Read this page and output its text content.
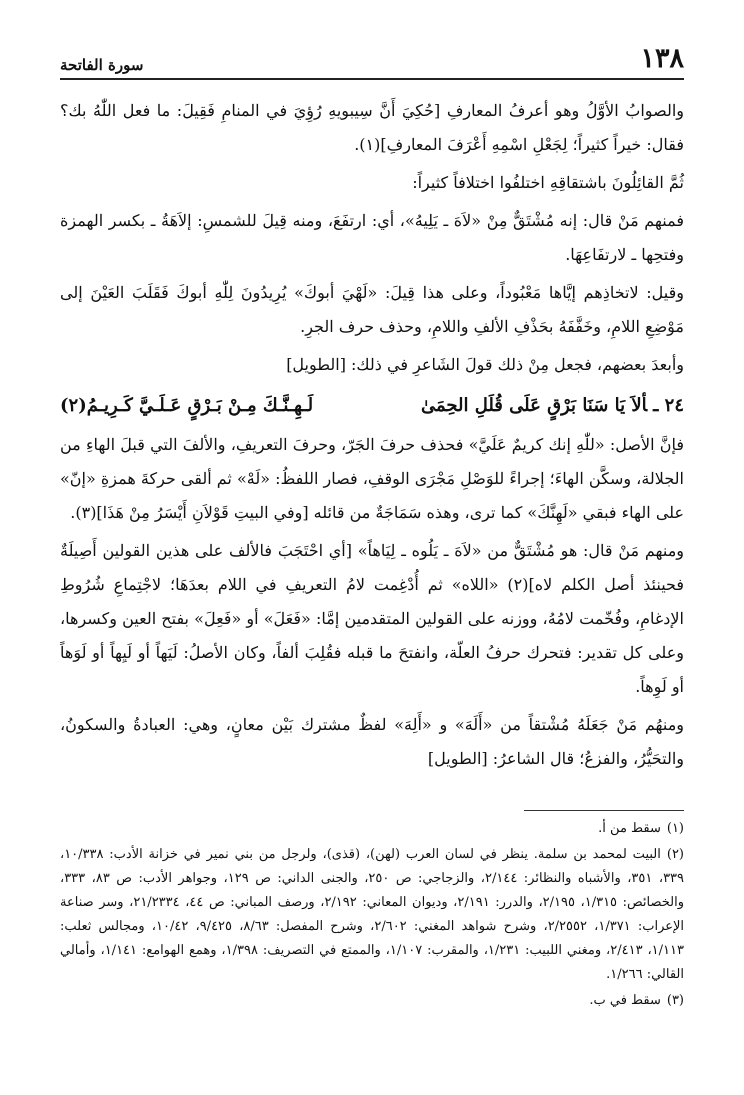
١٣٨
سورة الفاتحة

والصوابُ الأوَّلُ وهو أعرفُ المعارفِ [حُكِيَ أَنَّ سِيبويهِ رُؤِيَ في المنامِ فَقِيلَ: ما فعل اللّٰهُ بك؟ فقال: خيراً كثيراً؛ لِجَعْلِ اسْمِهِ أَعْرَفَ المعارفِ](١).

ثُمَّ القائِلُونَ باشتقاقِهِ اختلفُوا اختلافاً كثيراً:

فمنهم مَنْ قال: إنه مُشْتَقٌّ مِنْ «لاَهَ ـ يَلِيهُ»، أي: ارتفَعَ، ومنه قِيلَ للشمسِ: إلاَهَةُ ـ بكسر الهمزة وفتحِها ـ لارتفَاعِهَا.

وقيل: لاتخاذِهم إيَّاها مَعْبُوداً، وعلى هذا قِيلَ: «لَهْيَ أبوكَ» يُرِيدُونَ لِلّٰهِ أبوكَ فَقَلَبَ العَيْنَ إلى مَوْضِعِ اللامِ، وخَفَّفَهُ بحَذْفِ الألفِ واللامِ، وحذف حرف الجرِ.

وأبعدَ بعضهم، فجعل مِنْ ذلك قولَ الشَاعرِ في ذلك: [الطويل]

٢٤ ـألاَ يَا سَنَا بَرْقٍ عَلَى قُلَلِ الحِمَىٰ
لَـهِـنَّـكَ مِـنْ بَـرْقٍ عَـلَـيَّ كَـرِيـمُ(٢)

فإنَّ الأصل: «للّٰهِ إنك كريمٌ عَلَيَّ» فحذف حرفَ الجَرّ، وحرفَ التعريفِ، والألفَ التي قبلَ الهاءِ من الجلالة، وسكَّن الهاءَ؛ إجراءً للوَصْلِ مَجْرَى الوقفِ، فصار اللفظُ: «لَهْ» ثم ألقى حركةَ همزةِ «إنّ» على الهاء فبقي «لَهِنَّكَ» كما ترى، وهذه سَمَاجَةٌ من قائله [وفي البيتِ قَوْلاَنِ أَيْسَرُ مِنْ هَذَا](٣).

ومنهم مَنْ قال: هو مُشْتَقٌّ من «لاَهَ ـ يَلُوه ـ لِيَاهاً» [أي احْتَجَبَ فالألف على هذين القولين أَصِيلَةٌ فحينئذ أصل الكلم لاه](٢) «اللاه» ثم أُدْغِمت لامُ التعريفِ في اللام بعدَهَا؛ لاجْتِماعِ شُرُوطِ الإدغامِ، وفُخّمت لامُهُ، ووزنه على القولين المتقدمين إمَّا: «فَعَلَ» أو «فَعِلَ» بفتح العين وكسرها، وعلى كل تقدير: فتحرك حرفُ العلّة، وانفتحَ ما قبله فقُلِبَ ألفاً، وكان الأصلُ: لَيَهاً أو لَيِهاً أو لَوَهاً أو لَوِهاً.

ومنهُم مَنْ جَعَلَهُ مُشْتقاً من «أَلَهَ» و «أَلِهَ» لفظٌ مشترك بَيْن معانٍ، وهي: العبادةُ والسكونُ، والتحَيُّرُ، والفزعُ؛ قال الشاعرُ: [الطويل]

(١)سقط من أ.

(٢)البيت لمحمد بن سلمة. ينظر في لسان العرب (لهن)، (قذى)، ولرجل من بني نمير في خزانة الأدب: ١٠/٣٣٨، ٣٣٩، ٣٥١، والأشباه والنظائر: ٢/١٤٤، والزجاجي: ص ٢٥٠، والجنى الداني: ص ١٢٩، وجواهر الأدب: ص ٨٣، ٣٣٣، والخصائص: ١/٣١٥، ٢/١٩٥، والدرر: ٢/١٩١، وديوان المعاني: ٢/١٩٢، ورصف المباني: ص ٤٤، ٢١/٢٣٣٤، وسر صناعة الإعراب: ١/٣٧١، ٢/٢٥٥٢، وشرح شواهد المغني: ٢/٦٠٢، وشرح المفصل: ٨/٦٣، ٩/٤٢٥، ١٠/٤٢، ومجالس ثعلب: ١/١١٣، ٢/٤١٣، ومغني اللبيب: ١/٢٣١، والمقرب: ١/١٠٧، والممتع في التصريف: ١/٣٩٨، وهمع الهوامع: ١/١٤١، وأمالي القالي: ١/٢٦٦.

(٣)سقط في ب.
